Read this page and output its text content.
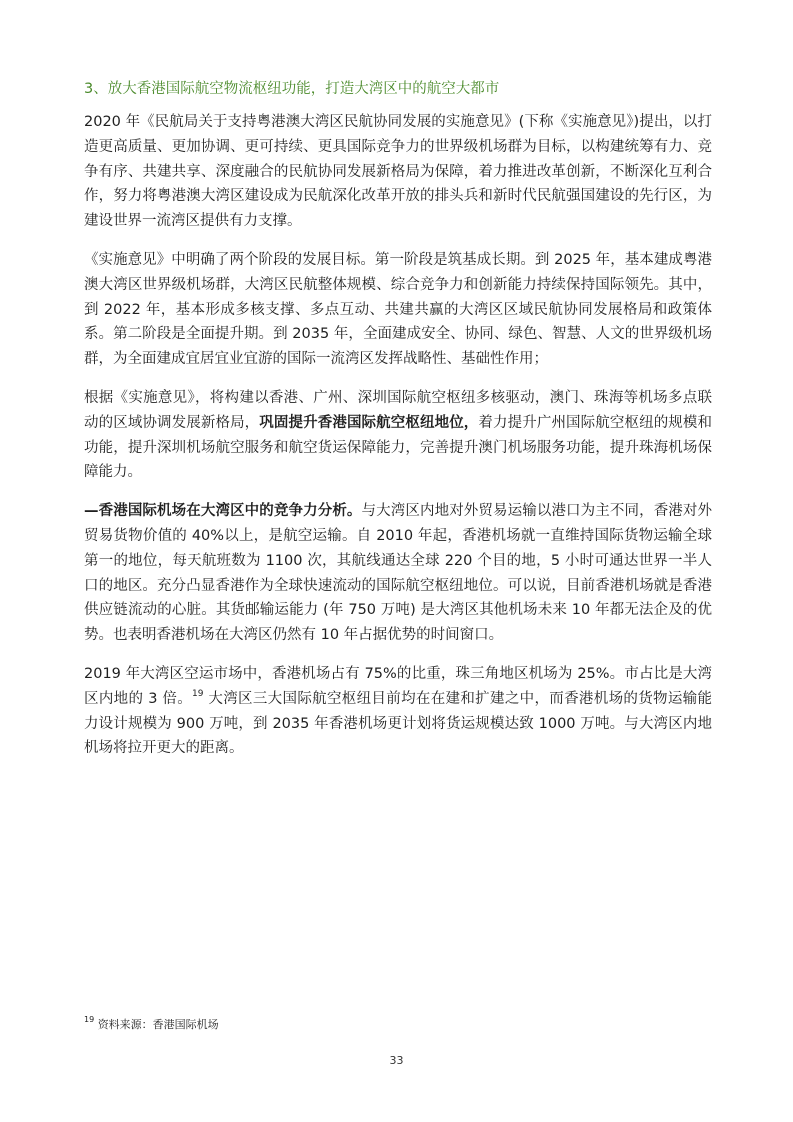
3、放大香港国际航空物流枢纽功能，打造大湾区中的航空大都市

2020 年《民航局关于支持粤港澳大湾区民航协同发展的实施意见》(下称《实施意见》)提出，以打造更高质量、更加协调、更可持续、更具国际竞争力的世界级机场群为目标，以构建统筹有力、竞争有序、共建共享、深度融合的民航协同发展新格局为保障，着力推进改革创新，不断深化互利合作，努力将粤港澳大湾区建设成为民航深化改革开放的排头兵和新时代民航强国建设的先行区，为建设世界一流湾区提供有力支撑。

《实施意见》中明确了两个阶段的发展目标。第一阶段是筑基成长期。到 2025 年，基本建成粤港澳大湾区世界级机场群，大湾区民航整体规模、综合竞争力和创新能力持续保持国际领先。其中，到 2022 年，基本形成多核支撑、多点互动、共建共赢的大湾区区域民航协同发展格局和政策体系。第二阶段是全面提升期。到 2035 年，全面建成安全、协同、绿色、智慧、人文的世界级机场群，为全面建成宜居宜业宜游的国际一流湾区发挥战略性、基础性作用；

根据《实施意见》，将构建以香港、广州、深圳国际航空枢纽多核驱动，澳门、珠海等机场多点联动的区域协调发展新格局，巩固提升香港国际航空枢纽地位，着力提升广州国际航空枢纽的规模和功能，提升深圳机场航空服务和航空货运保障能力，完善提升澳门机场服务功能，提升珠海机场保障能力。

—香港国际机场在大湾区中的竞争力分析。与大湾区内地对外贸易运输以港口为主不同，香港对外贸易货物价值的 40%以上，是航空运输。自 2010 年起，香港机场就一直维持国际货物运输全球第一的地位，每天航班数为 1100 次，其航线通达全球 220 个目的地，5 小时可通达世界一半人口的地区。充分凸显香港作为全球快速流动的国际航空枢纽地位。可以说，目前香港机场就是香港供应链流动的心脏。其货邮输运能力 (年 750 万吨) 是大湾区其他机场未来 10 年都无法企及的优势。也表明香港机场在大湾区仍然有 10 年占据优势的时间窗口。

2019 年大湾区空运市场中，香港机场占有 75%的比重，珠三角地区机场为 25%。市占比是大湾区内地的 3 倍。$^{19}$ 大湾区三大国际航空枢纽目前均在在建和扩建之中，而香港机场的货物运输能力设计规模为 900 万吨，到 2035 年香港机场更计划将货运规模达致 1000 万吨。与大湾区内地机场将拉开更大的距离。

$^{19}$ 资料来源：香港国际机场
33
